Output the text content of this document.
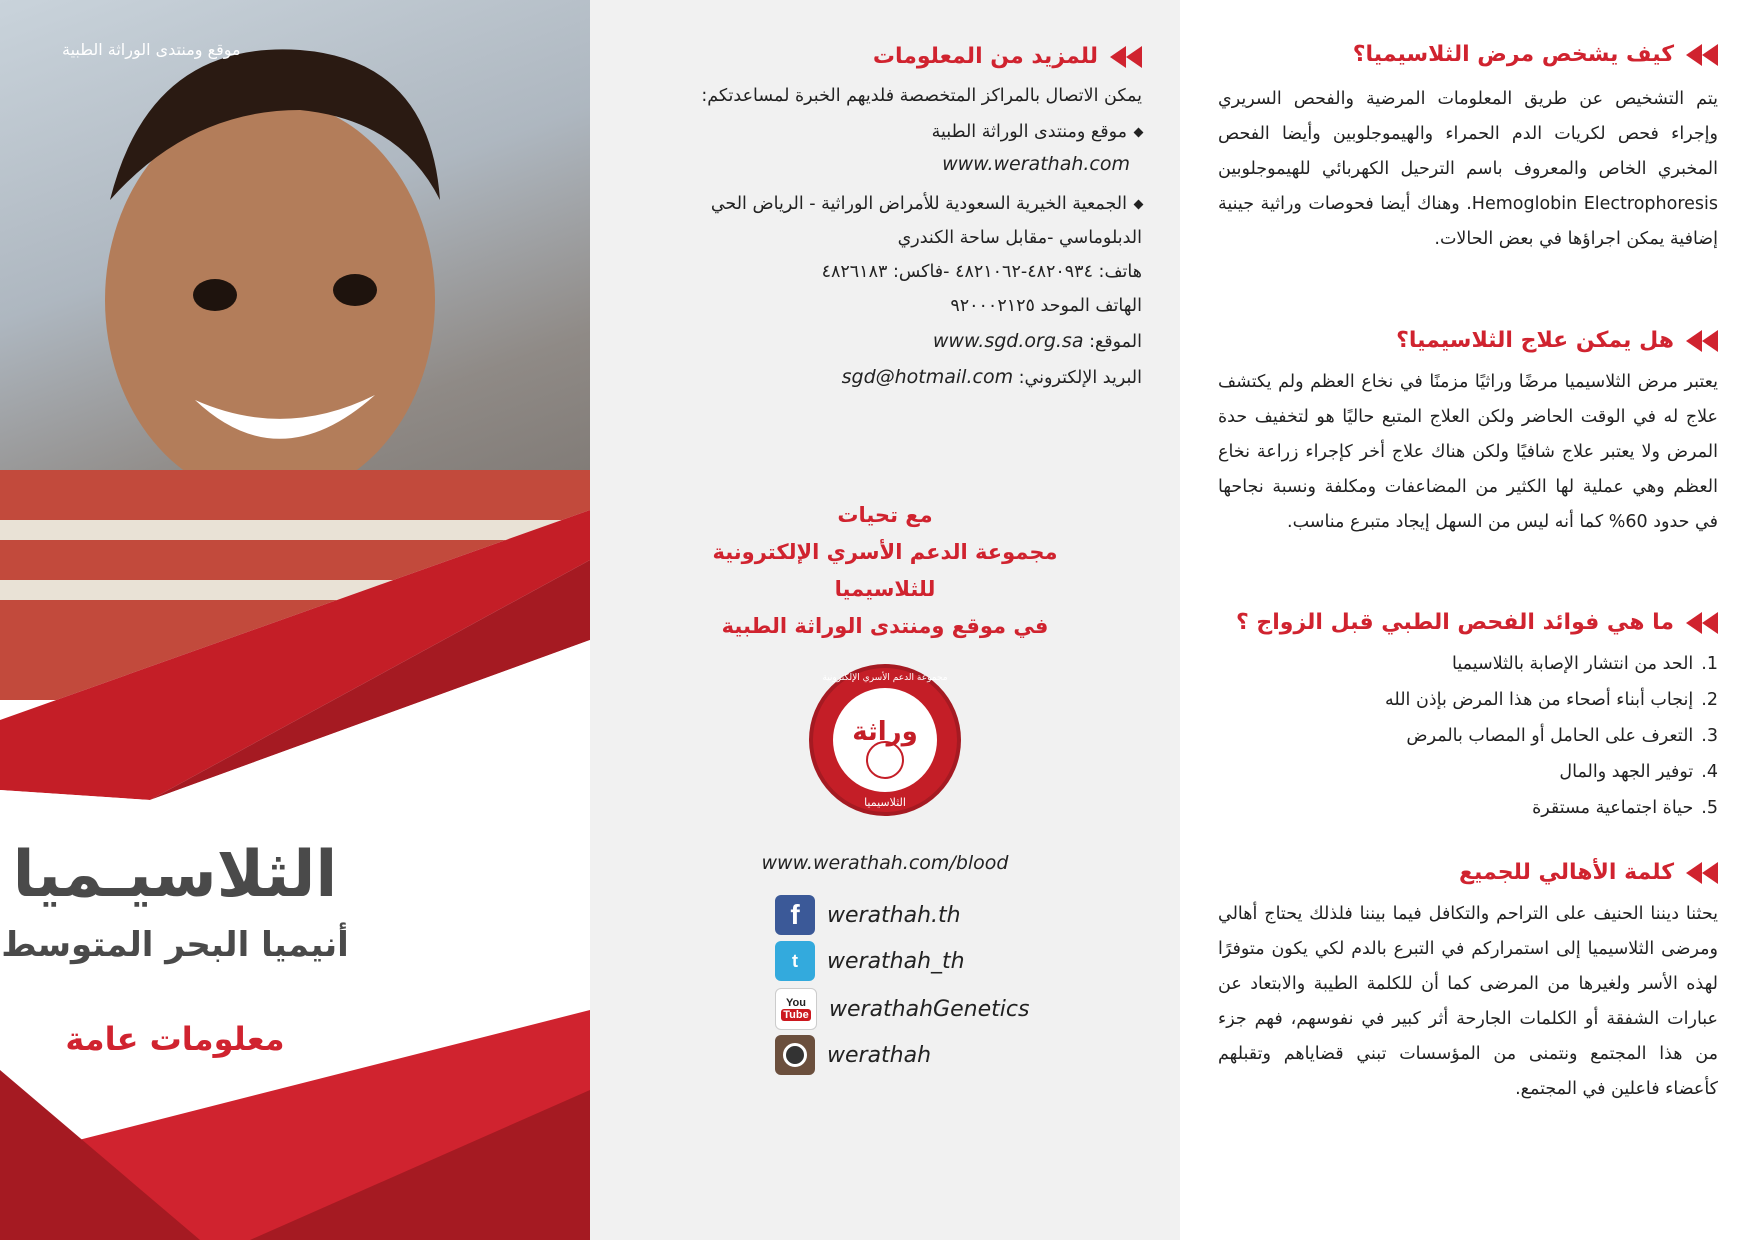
كيف يشخص مرض الثلاسيميا؟
يتم التشخيص عن طريق المعلومات المرضية والفحص السريري وإجراء فحص لكريات الدم الحمراء والهيموجلوبين وأيضا الفحص المخبري الخاص والمعروف باسم الترحيل الكهربائي للهيموجلوبين Hemoglobin Electrophoresis. وهناك أيضا فحوصات وراثية جينية إضافية يمكن اجراؤها في بعض الحالات.
هل يمكن علاج الثلاسيميا؟
يعتبر مرض الثلاسيميا مرضًا وراثيًا مزمنًا في نخاع العظم ولم يكتشف علاج له في الوقت الحاضر ولكن العلاج المتبع حاليًا هو لتخفيف حدة المرض ولا يعتبر علاج شافيًا ولكن هناك علاج أخر كإجراء زراعة نخاع العظم وهي عملية لها الكثير من المضاعفات ومكلفة ونسبة نجاحها في حدود 60% كما أنه ليس من السهل إيجاد متبرع مناسب.
ما هي فوائد الفحص الطبي قبل الزواج ؟
1.
الحد من انتشار الإصابة بالثلاسيميا
2.
إنجاب أبناء أصحاء من هذا المرض بإذن الله
3.
التعرف على الحامل أو المصاب بالمرض
4.
توفير الجهد والمال
5.
حياة اجتماعية مستقرة
كلمة الأهالي للجميع
يحثنا ديننا الحنيف على التراحم والتكافل فيما بيننا فلذلك يحتاج أهالي ومرضى الثلاسيميا إلى استمراركم في التبرع بالدم لكي يكون متوفرًا لهذه الأسر ولغيرها من المرضى كما أن للكلمة الطيبة والابتعاد عن عبارات الشفقة أو الكلمات الجارحة أثر كبير في نفوسهم، فهم جزء من هذا المجتمع ونتمنى من المؤسسات تبني قضاياهم وتقبلهم كأعضاء فاعلين في المجتمع.
للمزيد من المعلومات
يمكن الاتصال بالمراكز المتخصصة فلديهم الخبرة لمساعدتكم:
موقع ومنتدى الوراثة الطبية
www.werathah.com
الجمعية الخيرية السعودية للأمراض الوراثية - الرياض الحي
الدبلوماسي -مقابل ساحة الكندري
هاتف: ٤٨٢٠٩٣٤-٤٨٢١٠٦٢ -فاكس: ٤٨٢٦١٨٣
الهاتف الموحد ٩٢٠٠٠٢١٢٥
الموقع: www.sgd.org.sa
البريد الإلكتروني: sgd@hotmail.com
مع تحيات
مجموعة الدعم الأسري الإلكترونية
للثلاسيميا
في موقع ومنتدى الوراثة الطبية
وراثة
مجموعة الدعم الأسري الإلكترونية
الثلاسيميا
www.werathah.com/blood
f	werathah.th
t	werathah_th
You
Tube werathahGenetics
werathah
موقع ومنتدى الوراثة الطبية
الثلاسيـميا
أنيميا البحر المتوسط
معلومات عامة
